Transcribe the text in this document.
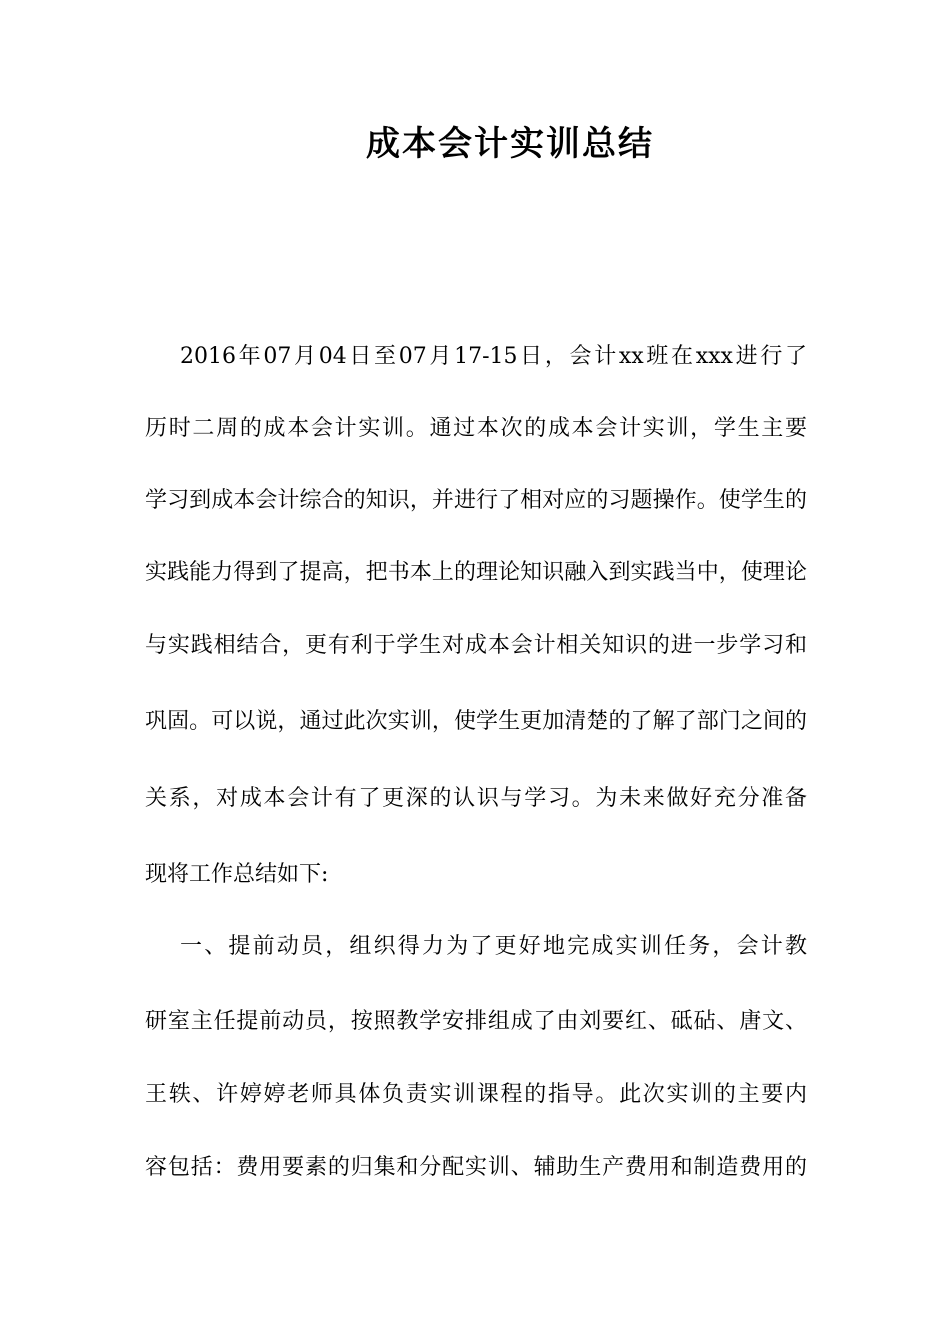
成本会计实训总结

2016年07月04日至07月17-15日，会计xx班在xxx进行了

历时二周的成本会计实训。通过本次的成本会计实训，学生主要

学习到成本会计综合的知识，并进行了相对应的习题操作。使学生的

实践能力得到了提高，把书本上的理论知识融入到实践当中，使理论

与实践相结合，更有利于学生对成本会计相关知识的进一步学习和

巩固。可以说，通过此次实训，使学生更加清楚的了解了部门之间的

关系，对成本会计有了更深的认识与学习。为未来做好充分准备

现将工作总结如下:

一、提前动员，组织得力为了更好地完成实训任务，会计教

研室主任提前动员，按照教学安排组成了由刘要红、砥砧、唐文、

王轶、许婷婷老师具体负责实训课程的指导。此次实训的主要内

容包括：费用要素的归集和分配实训、辅助生产费用和制造费用的
